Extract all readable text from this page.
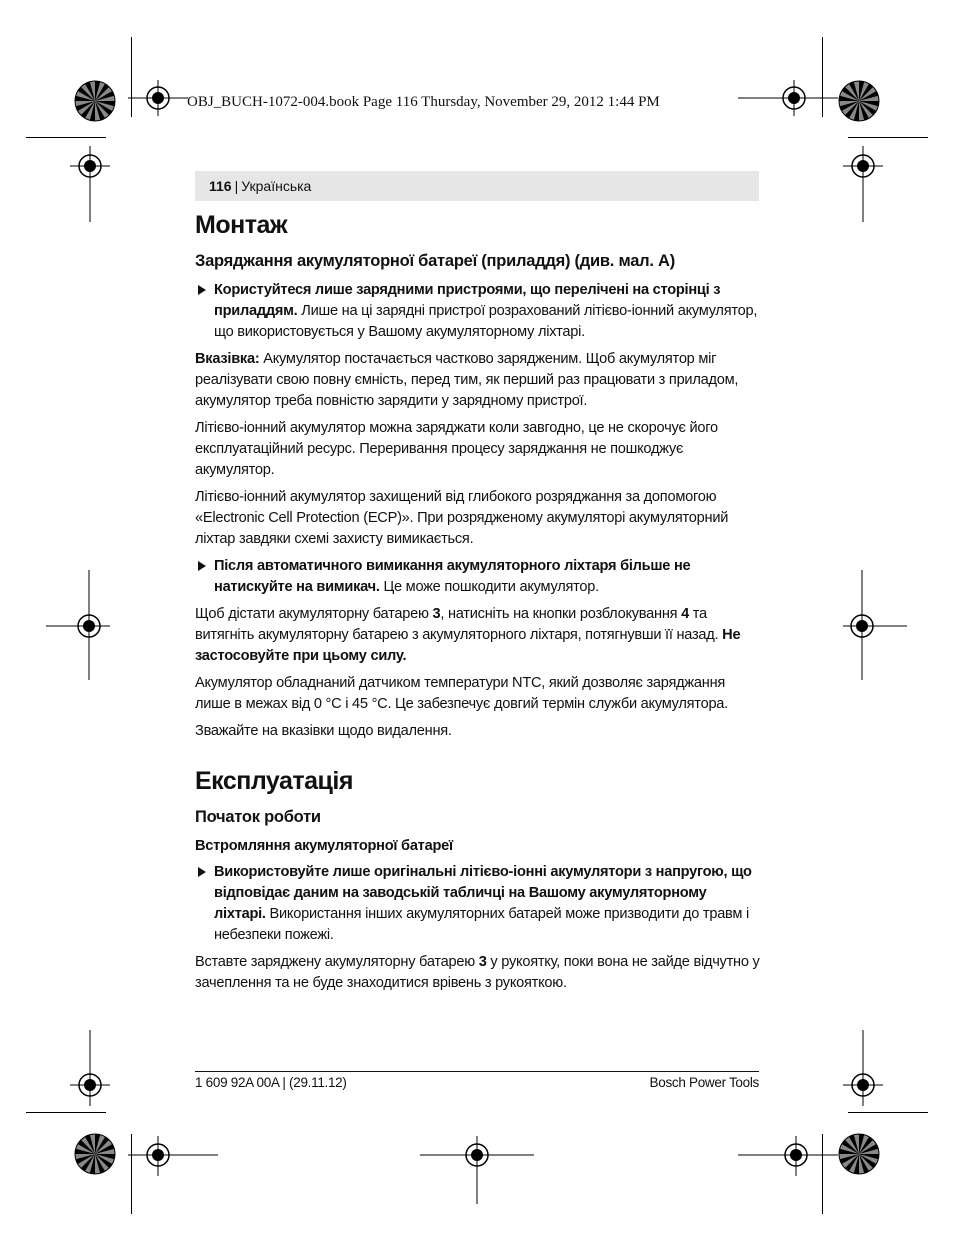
OBJ_BUCH-1072-004.book Page 116 Thursday, November 29, 2012 1:44 PM
116 | Українська
Монтаж
Заряджання акумуляторної батареї (приладдя) (див. мал. A)
Користуйтеся лише зарядними пристроями, що перелічені на сторінці з приладдям. Лише на ці зарядні пристрої розрахований літієво-іонний акумулятор, що використовується у Вашому акумуляторному ліхтарі.

Вказівка: Акумулятор постачається частково зарядженим. Щоб акумулятор міг реалізувати свою повну ємність, перед тим, як перший раз працювати з приладом, акумулятор треба повністю зарядити у зарядному пристрої.

Літієво-іонний акумулятор можна заряджати коли завгодно, це не скорочує його експлуатаційний ресурс. Переривання процесу заряджання не пошкоджує акумулятор.

Літієво-іонний акумулятор захищений від глибокого розряджання за допомогою «Electronic Cell Protection (ECP)». При розрядженому акумуляторі акумуляторний ліхтар завдяки схемі захисту вимикається.

Після автоматичного вимикання акумуляторного ліхтаря більше не натискуйте на вимикач. Це може пошкодити акумулятор.

Щоб дістати акумуляторну батарею 3, натисніть на кнопки розблокування 4 та витягніть акумуляторну батарею з акумуляторного ліхтаря, потягнувши її назад. Не застосовуйте при цьому силу.

Акумулятор обладнаний датчиком температури NTC, який дозволяє заряджання лише в межах від 0 °C і 45 °C. Це забезпечує довгий термін служби акумулятора.

Зважайте на вказівки щодо видалення.

Експлуатація
Початок роботи
Встромляння акумуляторної батареї
Використовуйте лише оригінальні літієво-іонні акумулятори з напругою, що відповідає даним на заводській табличці на Вашому акумуляторному ліхтарі. Використання інших акумуляторних батарей може призводити до травм і небезпеки пожежі.

Вставте заряджену акумуляторну батарею 3 у рукоятку, поки вона не зайде відчутно у зачеплення та не буде знаходитися врівень з рукояткою.

1 609 92A 00A | (29.11.12)	Bosch Power Tools
